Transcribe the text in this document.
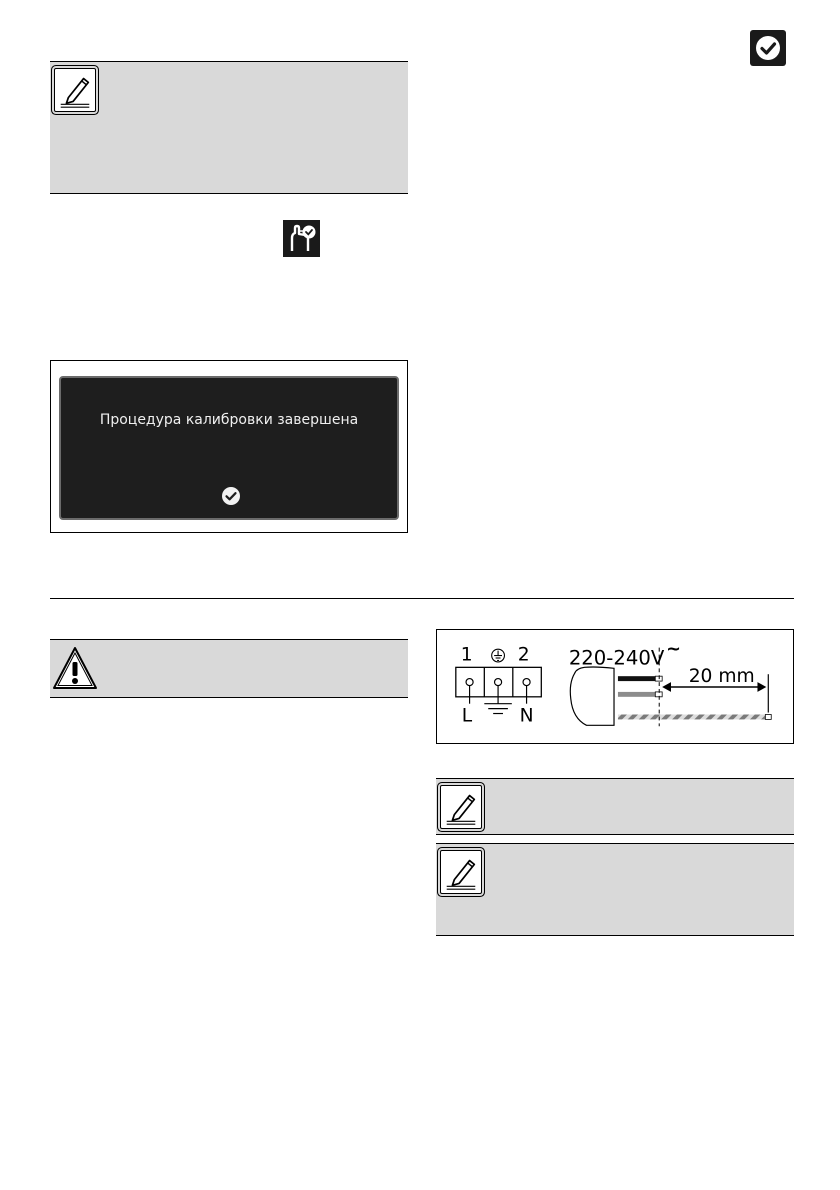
Процедура калибровки завершена
1 2
L	N
220-240V ~
20 mm
